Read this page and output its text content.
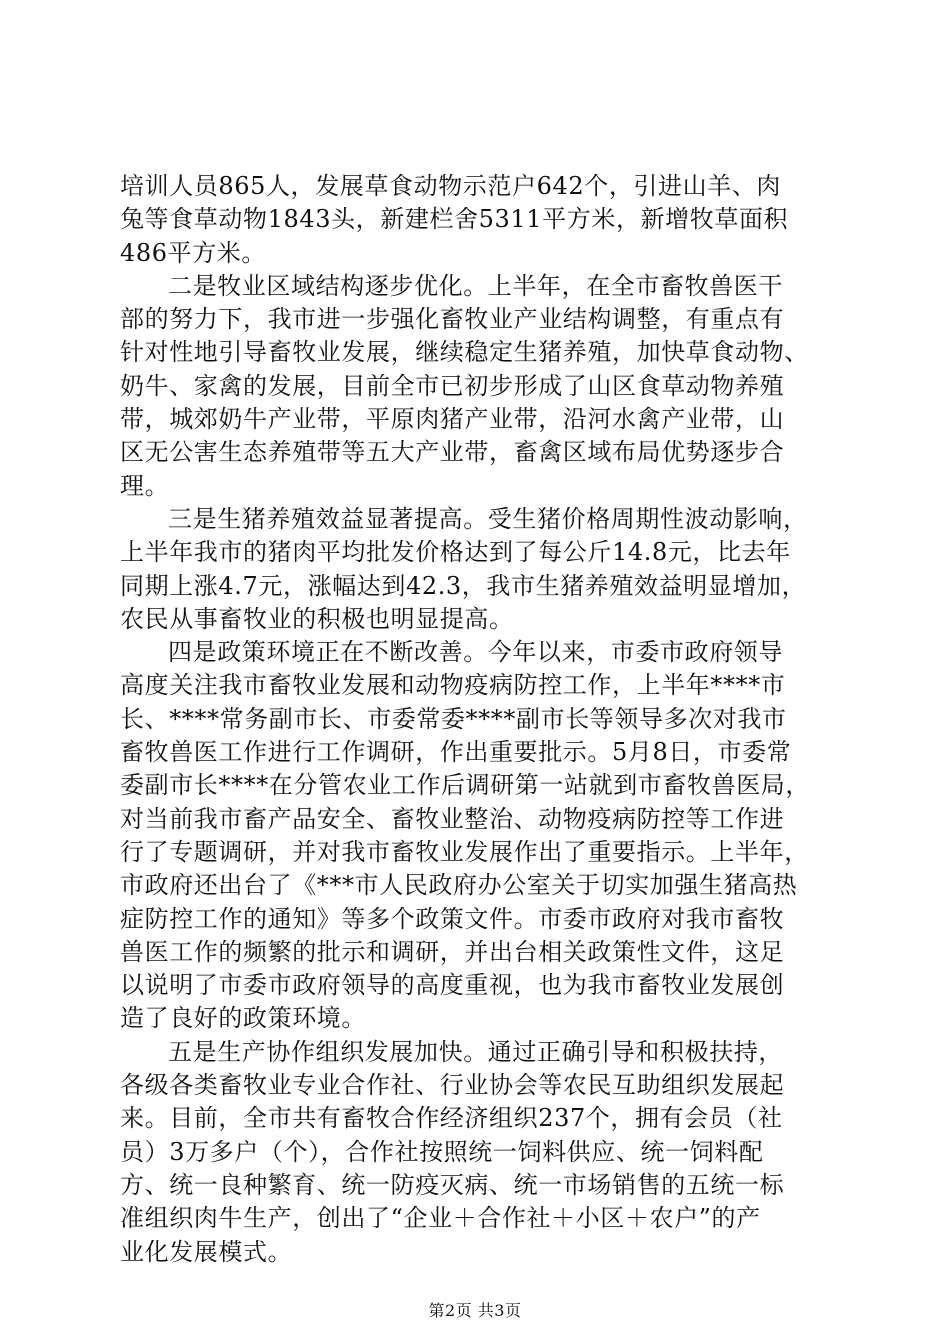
培训人员865人，发展草食动物示范户642个，引进山羊、肉
兔等食草动物1843头，新建栏舍5311平方米，新增牧草面积
486平方米。
二是牧业区域结构逐步优化。上半年，在全市畜牧兽医干
部的努力下，我市进一步强化畜牧业产业结构调整，有重点有
针对性地引导畜牧业发展，继续稳定生猪养殖，加快草食动物、
奶牛、家禽的发展，目前全市已初步形成了山区食草动物养殖
带，城郊奶牛产业带，平原肉猪产业带，沿河水禽产业带，山
区无公害生态养殖带等五大产业带，畜禽区域布局优势逐步合
理。
三是生猪养殖效益显著提高。受生猪价格周期性波动影响，
上半年我市的猪肉平均批发价格达到了每公斤14.8元，比去年
同期上涨4.7元，涨幅达到42.3，我市生猪养殖效益明显增加，
农民从事畜牧业的积极也明显提高。
四是政策环境正在不断改善。今年以来，市委市政府领导
高度关注我市畜牧业发展和动物疫病防控工作，上半年****市
长、****常务副市长、市委常委****副市长等领导多次对我市
畜牧兽医工作进行工作调研，作出重要批示。5月8日，市委常
委副市长****在分管农业工作后调研第一站就到市畜牧兽医局，
对当前我市畜产品安全、畜牧业整治、动物疫病防控等工作进
行了专题调研，并对我市畜牧业发展作出了重要指示。上半年，
市政府还出台了《***市人民政府办公室关于切实加强生猪高热
症防控工作的通知》等多个政策文件。市委市政府对我市畜牧
兽医工作的频繁的批示和调研，并出台相关政策性文件，这足
以说明了市委市政府领导的高度重视，也为我市畜牧业发展创
造了良好的政策环境。
五是生产协作组织发展加快。通过正确引导和积极扶持，
各级各类畜牧业专业合作社、行业协会等农民互助组织发展起
来。目前，全市共有畜牧合作经济组织237个，拥有会员（社
员）3万多户（个），合作社按照统一饲料供应、统一饲料配
方、统一良种繁育、统一防疫灭病、统一市场销售的五统一标
准组织肉牛生产，创出了“企业＋合作社＋小区＋农户”的产
业化发展模式。
第2页 共3页
